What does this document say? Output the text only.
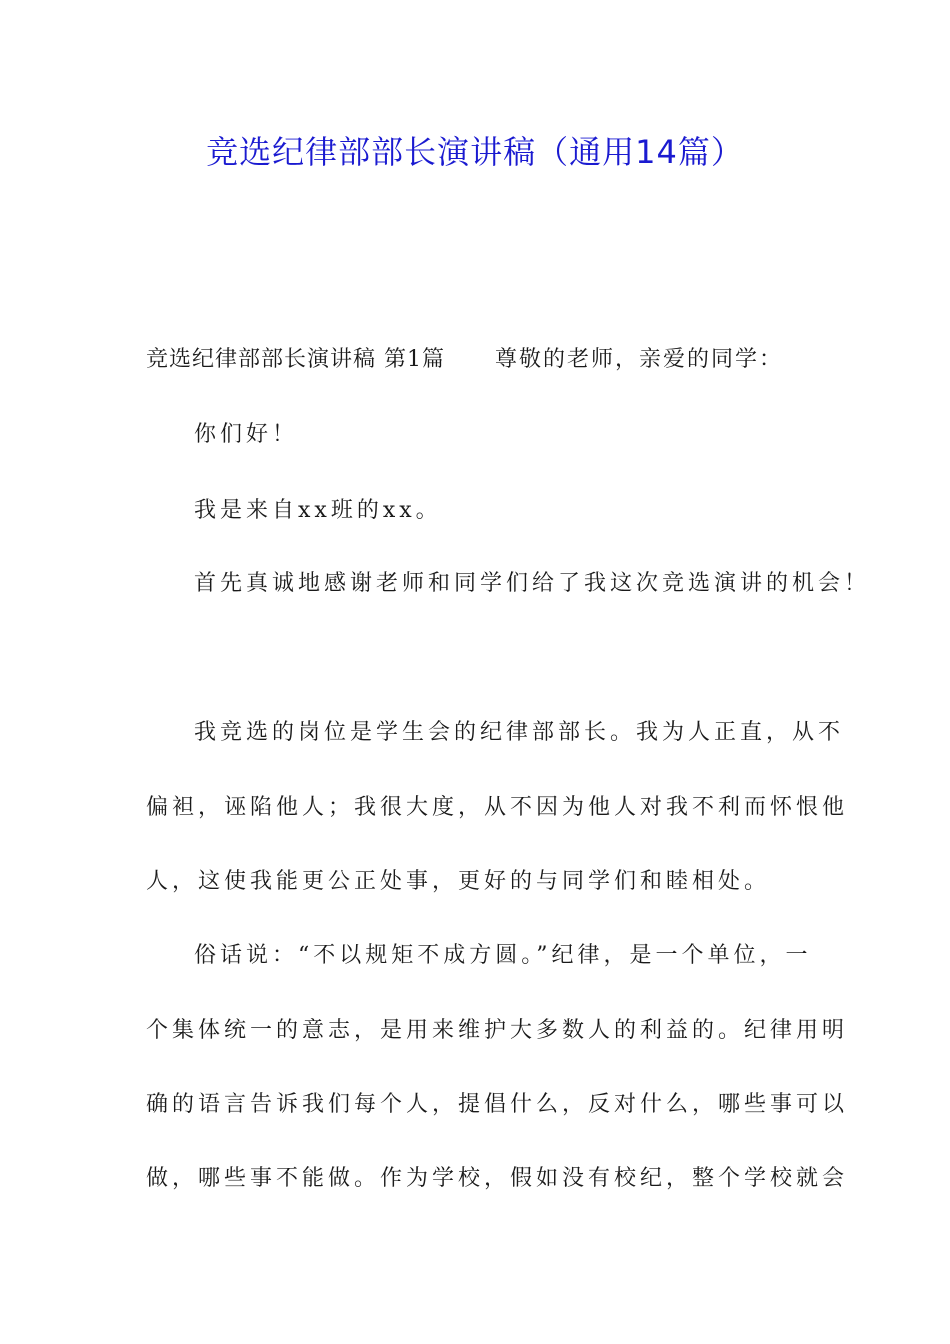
竞选纪律部部长演讲稿（通用14篇）
竞选纪律部部长演讲稿 第1篇 尊敬的老师，亲爱的同学：
你们好！
我是来自xx班的xx。
首先真诚地感谢老师和同学们给了我这次竞选演讲的机会！
我竞选的岗位是学生会的纪律部部长。我为人正直，从不
偏袒，诬陷他人；我很大度，从不因为他人对我不利而怀恨他
人，这使我能更公正处事，更好的与同学们和睦相处。
俗话说：“不以规矩不成方圆。”纪律，是一个单位，一
个集体统一的意志，是用来维护大多数人的利益的。纪律用明
确的语言告诉我们每个人，提倡什么，反对什么，哪些事可以
做，哪些事不能做。作为学校，假如没有校纪，整个学校就会
